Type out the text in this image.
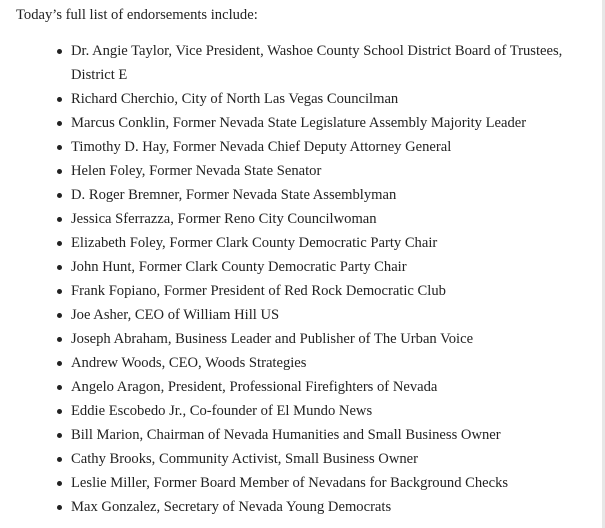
Today’s full list of endorsements include:

Dr. Angie Taylor, Vice President, Washoe County School District Board of Trustees, District E
Richard Cherchio, City of North Las Vegas Councilman
Marcus Conklin, Former Nevada State Legislature Assembly Majority Leader
Timothy D. Hay, Former Nevada Chief Deputy Attorney General
Helen Foley, Former Nevada State Senator
D. Roger Bremner, Former Nevada State Assemblyman
Jessica Sferrazza, Former Reno City Councilwoman
Elizabeth Foley, Former Clark County Democratic Party Chair
John Hunt, Former Clark County Democratic Party Chair
Frank Fopiano, Former President of Red Rock Democratic Club
Joe Asher, CEO of William Hill US
Joseph Abraham, Business Leader and Publisher of The Urban Voice
Andrew Woods, CEO, Woods Strategies
Angelo Aragon, President, Professional Firefighters of Nevada
Eddie Escobedo Jr., Co-founder of El Mundo News
Bill Marion, Chairman of Nevada Humanities and Small Business Owner
Cathy Brooks, Community Activist, Small Business Owner
Leslie Miller, Former Board Member of Nevadans for Background Checks
Max Gonzalez, Secretary of Nevada Young Democrats
